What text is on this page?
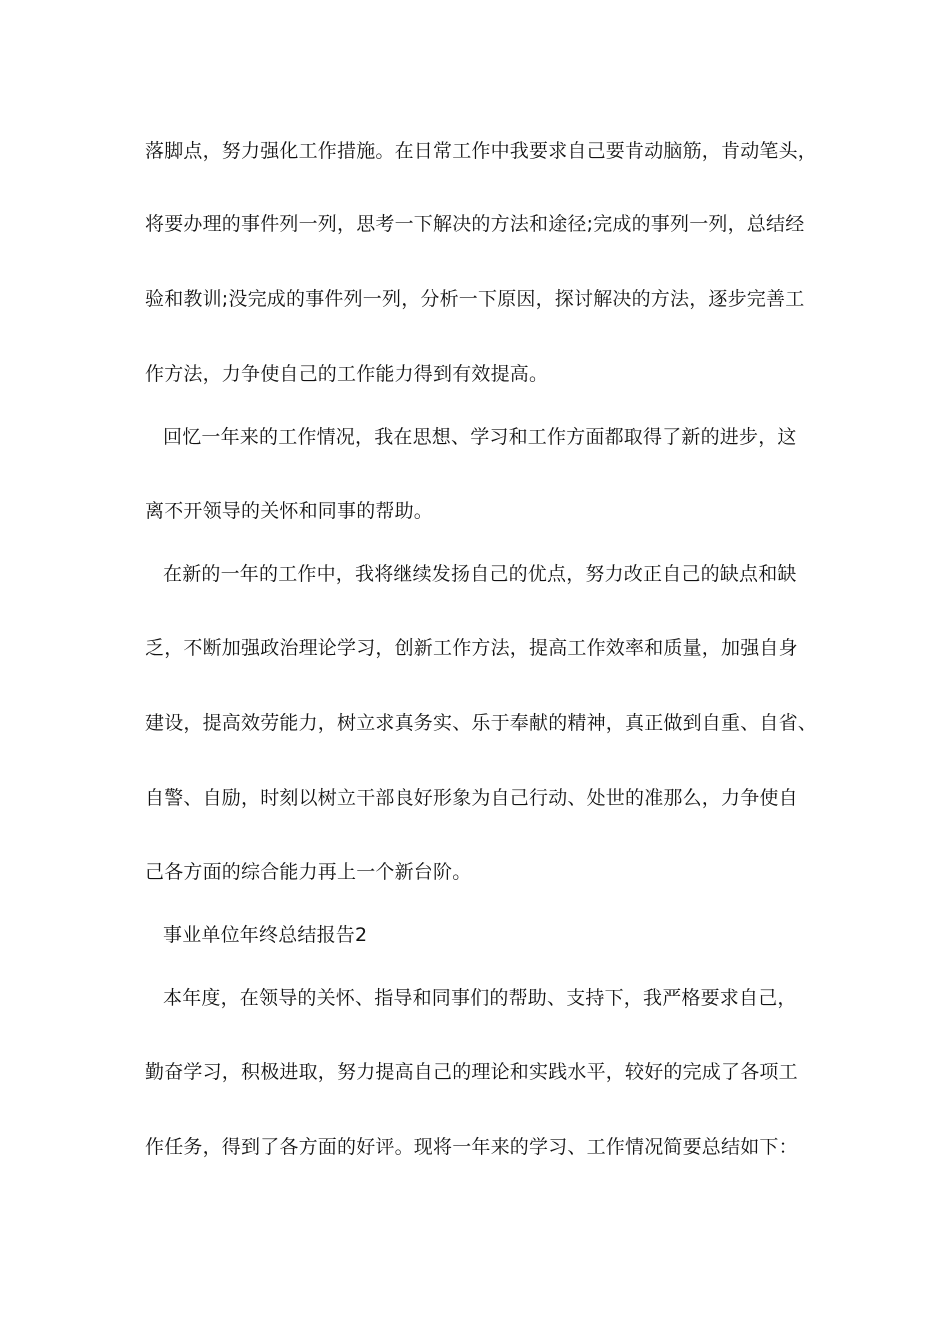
落脚点，努力强化工作措施。在日常工作中我要求自己要肯动脑筋，肯动笔头，
将要办理的事件列一列，思考一下解决的方法和途径;完成的事列一列，总结经
验和教训;没完成的事件列一列，分析一下原因，探讨解决的方法，逐步完善工
作方法，力争使自己的工作能力得到有效提高。
回忆一年来的工作情况，我在思想、学习和工作方面都取得了新的进步，这
离不开领导的关怀和同事的帮助。
在新的一年的工作中，我将继续发扬自己的优点，努力改正自己的缺点和缺
乏，不断加强政治理论学习，创新工作方法，提高工作效率和质量，加强自身
建设，提高效劳能力，树立求真务实、乐于奉献的精神，真正做到自重、自省、
自警、自励，时刻以树立干部良好形象为自己行动、处世的准那么，力争使自
己各方面的综合能力再上一个新台阶。
事业单位年终总结报告2
本年度，在领导的关怀、指导和同事们的帮助、支持下，我严格要求自己，
勤奋学习，积极进取，努力提高自己的理论和实践水平，较好的完成了各项工
作任务，得到了各方面的好评。现将一年来的学习、工作情况简要总结如下：
